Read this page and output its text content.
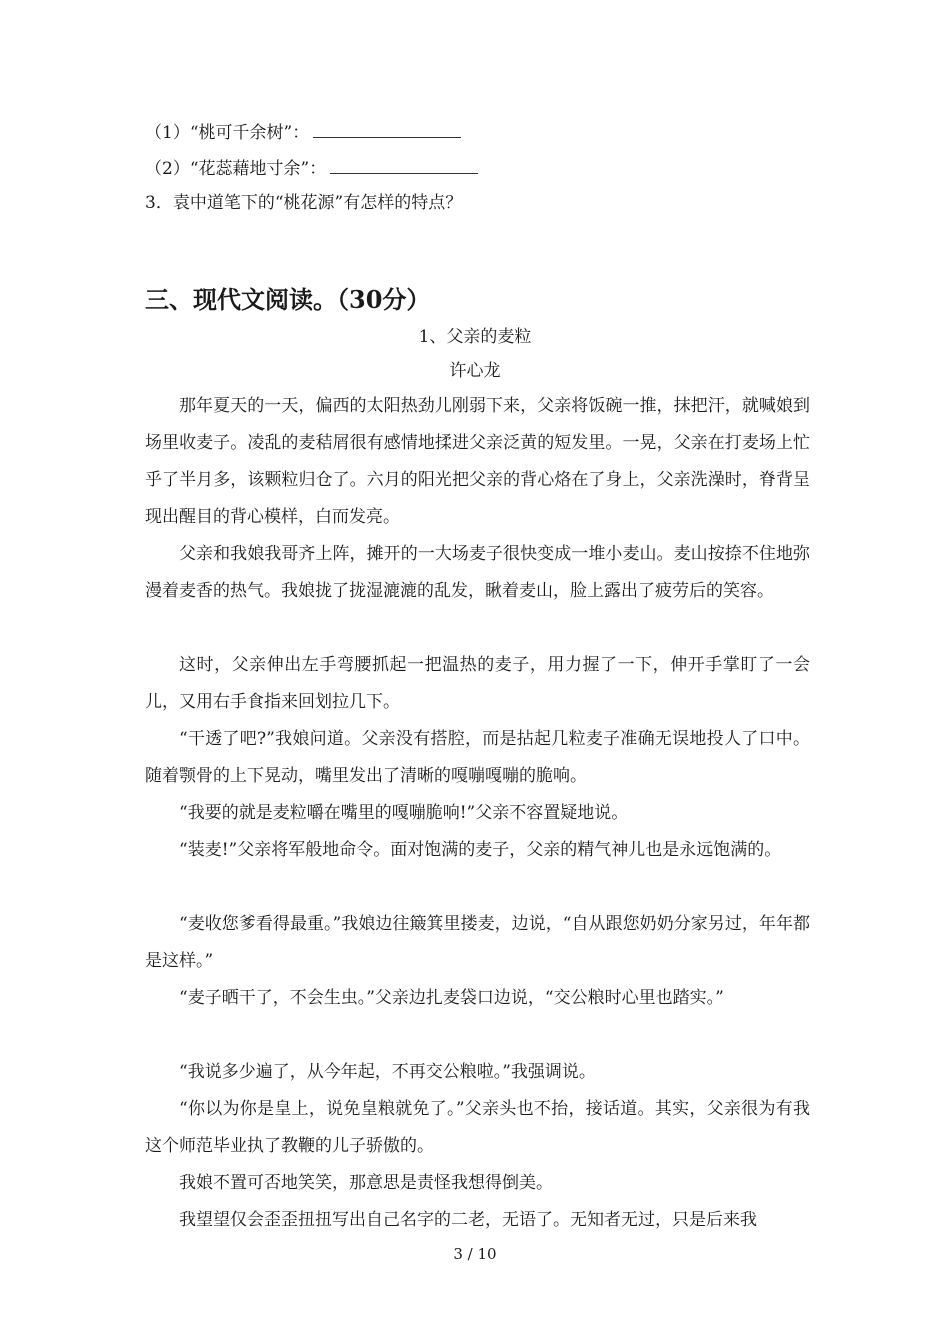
（1）“桃可千余树”：
（2）“花蕊藉地寸余”：
3．袁中道笔下的“桃花源”有怎样的特点？
三、现代文阅读。（30分）
1、父亲的麦粒
许心龙
那年夏天的一天，偏西的太阳热劲儿刚弱下来，父亲将饭碗一推，抹把汗，就喊娘到场里收麦子。凌乱的麦秸屑很有感情地揉进父亲泛黄的短发里。一晃，父亲在打麦场上忙乎了半月多，该颗粒归仓了。六月的阳光把父亲的背心烙在了身上，父亲洗澡时，脊背呈现出醒目的背心模样，白而发亮。
父亲和我娘我哥齐上阵，摊开的一大场麦子很快变成一堆小麦山。麦山按捺不住地弥漫着麦香的热气。我娘拢了拢湿漉漉的乱发，瞅着麦山，脸上露出了疲劳后的笑容。
这时，父亲伸出左手弯腰抓起一把温热的麦子，用力握了一下，伸开手掌盯了一会儿，又用右手食指来回划拉几下。
“干透了吧?”我娘问道。父亲没有搭腔，而是拈起几粒麦子准确无误地投人了口中。随着颚骨的上下晃动，嘴里发出了清晰的嘎嘣嘎嘣的脆响。
“我要的就是麦粒嚼在嘴里的嘎嘣脆响!”父亲不容置疑地说。
“装麦!”父亲将军般地命令。面对饱满的麦子，父亲的精气神儿也是永远饱满的。
“麦收您爹看得最重。”我娘边往簸箕里搂麦，边说，“自从跟您奶奶分家另过，年年都是这样。”
“麦子晒干了，不会生虫。”父亲边扎麦袋口边说，“交公粮时心里也踏实。”
“我说多少遍了，从今年起，不再交公粮啦。”我强调说。
“你以为你是皇上，说免皇粮就免了。”父亲头也不抬，接话道。其实，父亲很为有我这个师范毕业执了教鞭的儿子骄傲的。
我娘不置可否地笑笑，那意思是责怪我想得倒美。
我望望仅会歪歪扭扭写出自己名字的二老，无语了。无知者无过，只是后来我
3 / 10
